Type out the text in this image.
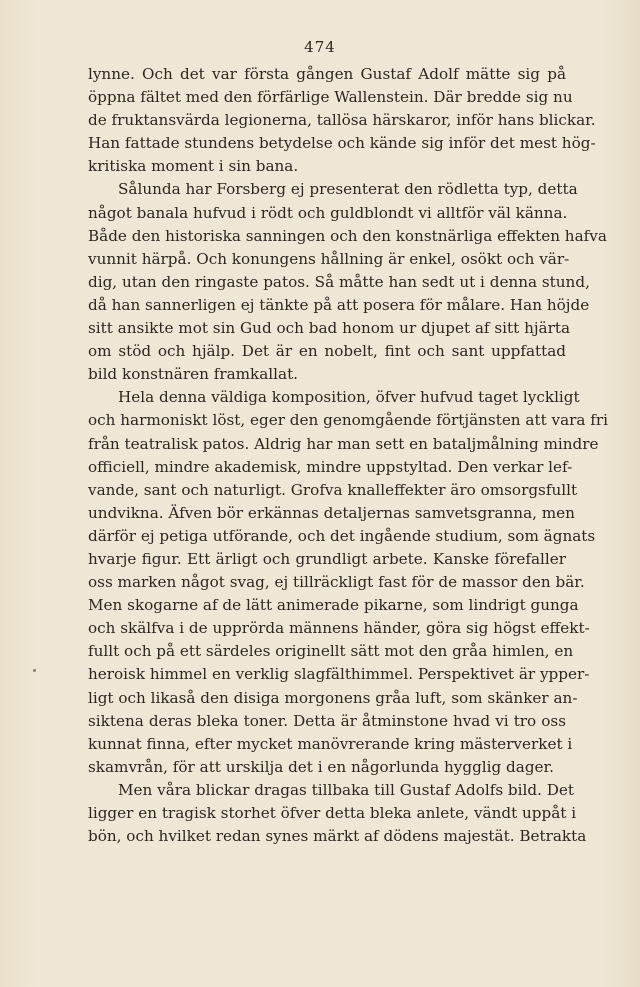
474
lynne. Och det var första gången Gustaf Adolf mätte sig på
öppna fältet med den förfärlige Wallenstein. Där bredde sig nu
de fruktansvärda legionerna, tallösa härskaror, inför hans blickar.
Han fattade stundens betydelse och kände sig inför det mest hög-
kritiska moment i sin bana.
Sålunda har Forsberg ej presenterat den rödletta typ, detta
något banala hufvud i rödt och guldblondt vi alltför väl känna.
Både den historiska sanningen och den konstnärliga effekten hafva
vunnit härpå. Och konungens hållning är enkel, osökt och vär-
dig, utan den ringaste patos. Så måtte han sedt ut i denna stund,
då han sannerligen ej tänkte på att posera för målare. Han höjde
sitt ansikte mot sin Gud och bad honom ur djupet af sitt hjärta
om stöd och hjälp. Det är en nobelt, fint och sant uppfattad
bild konstnären framkallat.
Hela denna väldiga komposition, öfver hufvud taget lyckligt
och harmoniskt löst, eger den genomgående förtjänsten att vara fri
från teatralisk patos. Aldrig har man sett en bataljmålning mindre
officiell, mindre akademisk, mindre uppstyltad. Den verkar lef-
vande, sant och naturligt. Grofva knalleffekter äro omsorgsfullt
undvikna. Äfven bör erkännas detaljernas samvetsgranna, men
därför ej petiga utförande, och det ingående studium, som ägnats
hvarje figur. Ett ärligt och grundligt arbete. Kanske förefaller
oss marken något svag, ej tillräckligt fast för de massor den bär.
Men skogarne af de lätt animerade pikarne, som lindrigt gunga
och skälfva i de upprörda männens händer, göra sig högst effekt-
fullt och på ett särdeles originellt sätt mot den gråa himlen, en
heroisk himmel en verklig slagfälthimmel. Perspektivet är ypper-
ligt och likaså den disiga morgonens gråa luft, som skänker an-
siktena deras bleka toner. Detta är åtminstone hvad vi tro oss
kunnat finna, efter mycket manövrerande kring mästerverket i
skamvrån, för att urskilja det i en någorlunda hygglig dager.
Men våra blickar dragas tillbaka till Gustaf Adolfs bild. Det
ligger en tragisk storhet öfver detta bleka anlete, vändt uppåt i
bön, och hvilket redan synes märkt af dödens majestät. Betrakta
